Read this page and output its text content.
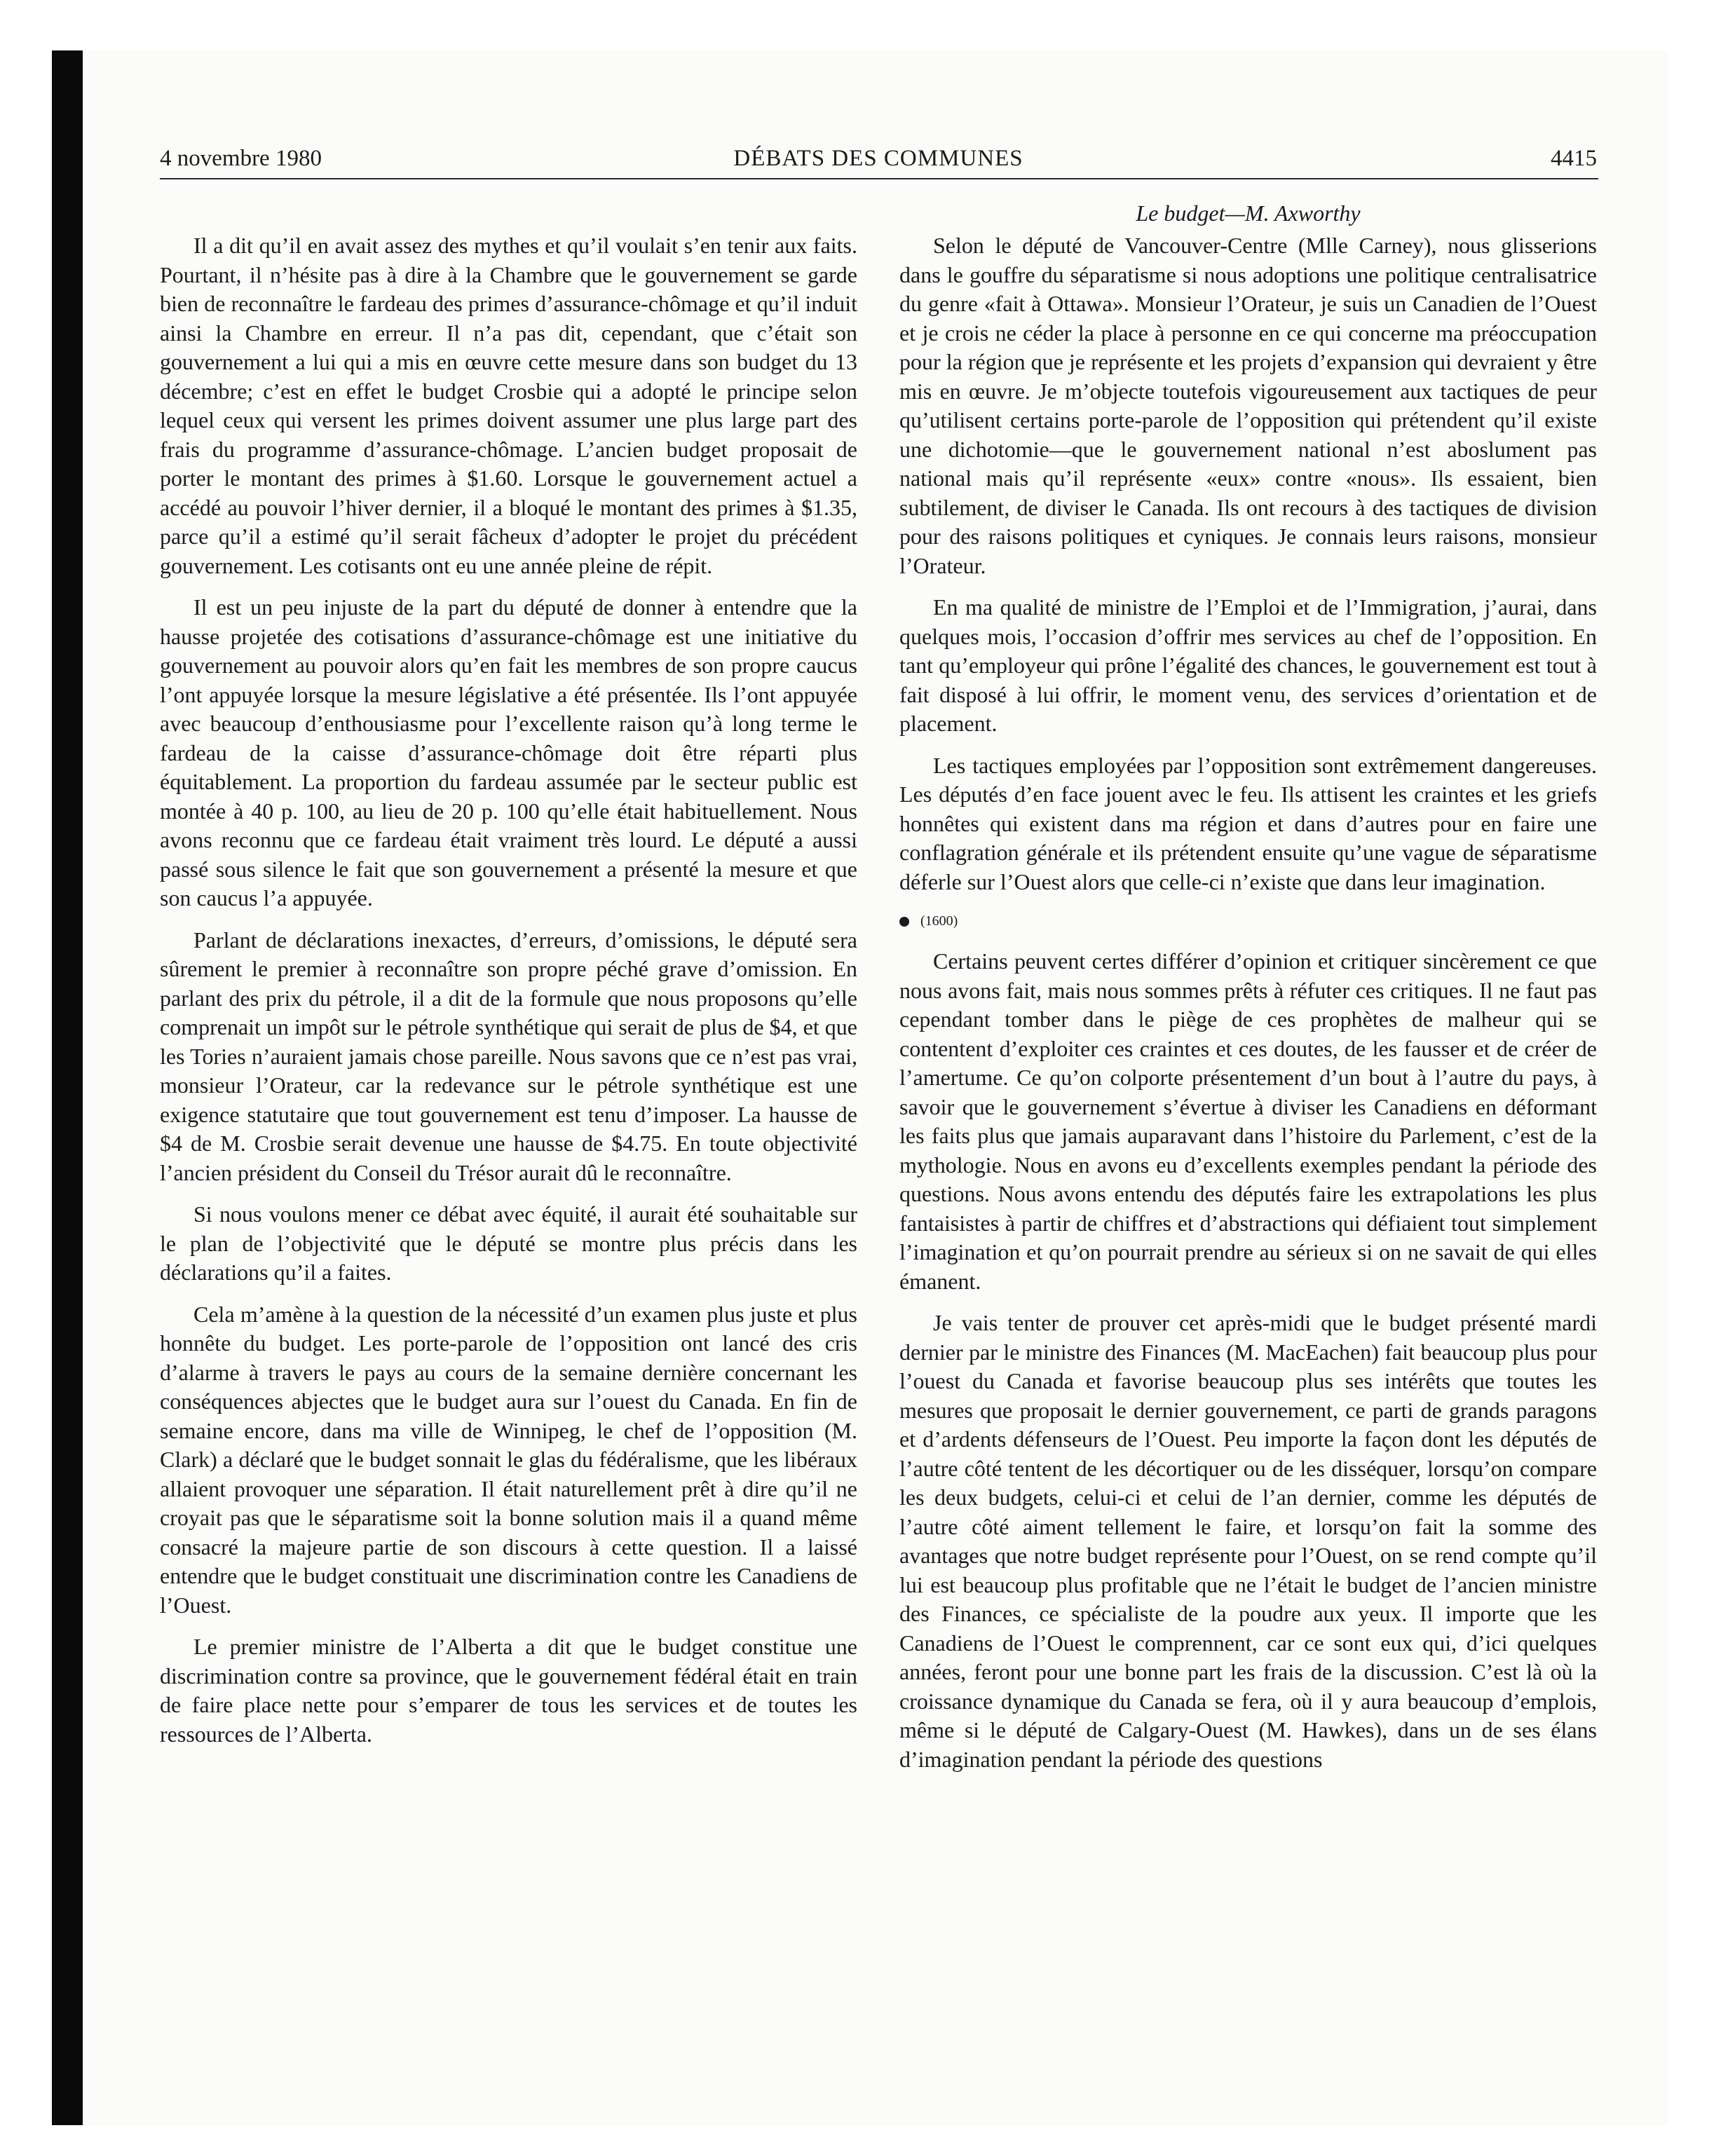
4 novembre 1980	DÉBATS DES COMMUNES	4415
Le budget—M. Axworthy

Il a dit qu’il en avait assez des mythes et qu’il voulait s’en tenir aux faits. Pourtant, il n’hésite pas à dire à la Chambre que le gouvernement se garde bien de reconnaître le fardeau des primes d’assurance-chômage et qu’il induit ainsi la Chambre en erreur. Il n’a pas dit, cependant, que c’était son gouvernement a lui qui a mis en œuvre cette mesure dans son budget du 13 décembre; c’est en effet le budget Crosbie qui a adopté le principe selon lequel ceux qui versent les primes doivent assumer une plus large part des frais du programme d’assurance-chômage. L’ancien budget proposait de porter le montant des primes à $1.60. Lorsque le gouvernement actuel a accédé au pouvoir l’hiver dernier, il a bloqué le montant des primes à $1.35, parce qu’il a estimé qu’il serait fâcheux d’adopter le projet du précédent gouvernement. Les cotisants ont eu une année pleine de répit.

Il est un peu injuste de la part du député de donner à entendre que la hausse projetée des cotisations d’assurance-chômage est une initiative du gouvernement au pouvoir alors qu’en fait les membres de son propre caucus l’ont appuyée lorsque la mesure législative a été présentée. Ils l’ont appuyée avec beaucoup d’enthousiasme pour l’excellente raison qu’à long terme le fardeau de la caisse d’assurance-chômage doit être réparti plus équitablement. La proportion du fardeau assumée par le secteur public est montée à 40 p. 100, au lieu de 20 p. 100 qu’elle était habituellement. Nous avons reconnu que ce fardeau était vraiment très lourd. Le député a aussi passé sous silence le fait que son gouvernement a présenté la mesure et que son caucus l’a appuyée.

Parlant de déclarations inexactes, d’erreurs, d’omissions, le député sera sûrement le premier à reconnaître son propre péché grave d’omission. En parlant des prix du pétrole, il a dit de la formule que nous proposons qu’elle comprenait un impôt sur le pétrole synthétique qui serait de plus de $4, et que les Tories n’auraient jamais chose pareille. Nous savons que ce n’est pas vrai, monsieur l’Orateur, car la redevance sur le pétrole synthétique est une exigence statutaire que tout gouvernement est tenu d’imposer. La hausse de $4 de M. Crosbie serait devenue une hausse de $4.75. En toute objectivité l’ancien président du Conseil du Trésor aurait dû le reconnaître.

Si nous voulons mener ce débat avec équité, il aurait été souhaitable sur le plan de l’objectivité que le député se montre plus précis dans les déclarations qu’il a faites.

Cela m’amène à la question de la nécessité d’un examen plus juste et plus honnête du budget. Les porte-parole de l’opposition ont lancé des cris d’alarme à travers le pays au cours de la semaine dernière concernant les conséquences abjectes que le budget aura sur l’ouest du Canada. En fin de semaine encore, dans ma ville de Winnipeg, le chef de l’opposition (M. Clark) a déclaré que le budget sonnait le glas du fédéralisme, que les libéraux allaient provoquer une séparation. Il était naturellement prêt à dire qu’il ne croyait pas que le séparatisme soit la bonne solution mais il a quand même consacré la majeure partie de son discours à cette question. Il a laissé entendre que le budget constituait une discrimination contre les Canadiens de l’Ouest.

Le premier ministre de l’Alberta a dit que le budget constitue une discrimination contre sa province, que le gouvernement fédéral était en train de faire place nette pour s’emparer de tous les services et de toutes les ressources de l’Alberta.

Selon le député de Vancouver-Centre (Mlle Carney), nous glisserions dans le gouffre du séparatisme si nous adoptions une politique centralisatrice du genre «fait à Ottawa». Monsieur l’Orateur, je suis un Canadien de l’Ouest et je crois ne céder la place à personne en ce qui concerne ma préoccupation pour la région que je représente et les projets d’expansion qui devraient y être mis en œuvre. Je m’objecte toutefois vigoureusement aux tactiques de peur qu’utilisent certains porte-parole de l’opposition qui prétendent qu’il existe une dichotomie—que le gouvernement national n’est aboslument pas national mais qu’il représente «eux» contre «nous». Ils essaient, bien subtilement, de diviser le Canada. Ils ont recours à des tactiques de division pour des raisons politiques et cyniques. Je connais leurs raisons, monsieur l’Orateur.

En ma qualité de ministre de l’Emploi et de l’Immigration, j’aurai, dans quelques mois, l’occasion d’offrir mes services au chef de l’opposition. En tant qu’employeur qui prône l’égalité des chances, le gouvernement est tout à fait disposé à lui offrir, le moment venu, des services d’orientation et de placement.

Les tactiques employées par l’opposition sont extrêmement dangereuses. Les députés d’en face jouent avec le feu. Ils attisent les craintes et les griefs honnêtes qui existent dans ma région et dans d’autres pour en faire une conflagration générale et ils prétendent ensuite qu’une vague de séparatisme déferle sur l’Ouest alors que celle-ci n’existe que dans leur imagination.

(1600)

Certains peuvent certes différer d’opinion et critiquer sincèrement ce que nous avons fait, mais nous sommes prêts à réfuter ces critiques. Il ne faut pas cependant tomber dans le piège de ces prophètes de malheur qui se contentent d’exploiter ces craintes et ces doutes, de les fausser et de créer de l’amertume. Ce qu’on colporte présentement d’un bout à l’autre du pays, à savoir que le gouvernement s’évertue à diviser les Canadiens en déformant les faits plus que jamais auparavant dans l’histoire du Parlement, c’est de la mythologie. Nous en avons eu d’excellents exemples pendant la période des questions. Nous avons entendu des députés faire les extrapolations les plus fantaisistes à partir de chiffres et d’abstractions qui défiaient tout simplement l’imagination et qu’on pourrait prendre au sérieux si on ne savait de qui elles émanent.

Je vais tenter de prouver cet après-midi que le budget présenté mardi dernier par le ministre des Finances (M. MacEachen) fait beaucoup plus pour l’ouest du Canada et favorise beaucoup plus ses intérêts que toutes les mesures que proposait le dernier gouvernement, ce parti de grands paragons et d’ardents défenseurs de l’Ouest. Peu importe la façon dont les députés de l’autre côté tentent de les décortiquer ou de les disséquer, lorsqu’on compare les deux budgets, celui-ci et celui de l’an dernier, comme les députés de l’autre côté aiment tellement le faire, et lorsqu’on fait la somme des avantages que notre budget représente pour l’Ouest, on se rend compte qu’il lui est beaucoup plus profitable que ne l’était le budget de l’ancien ministre des Finances, ce spécialiste de la poudre aux yeux. Il importe que les Canadiens de l’Ouest le comprennent, car ce sont eux qui, d’ici quelques années, feront pour une bonne part les frais de la discussion. C’est là où la croissance dynamique du Canada se fera, où il y aura beaucoup d’emplois, même si le député de Calgary-Ouest (M. Hawkes), dans un de ses élans d’imagination pendant la période des questions
